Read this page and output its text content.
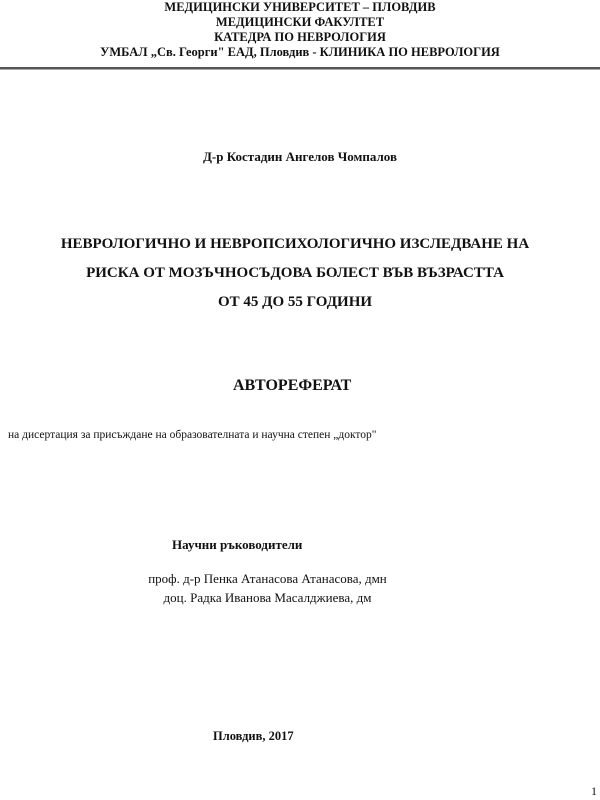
МЕДИЦИНСКИ УНИВЕРСИТЕТ – ПЛОВДИВ
МЕДИЦИНСКИ ФАКУЛТЕТ
КАТЕДРА ПО НЕВРОЛОГИЯ
УМБАЛ „Св. Георги" ЕАД, Пловдив - КЛИНИКА ПО НЕВРОЛОГИЯ
Д-р Костадин Ангелов Чомпалов
НЕВРОЛОГИЧНО И НЕВРОПСИХОЛОГИЧНО ИЗСЛЕДВАНЕ НА
РИСКА ОТ МОЗЪЧНОСЪДОВА БОЛЕСТ ВЪВ ВЪЗРАСТТА
ОТ 45 ДО 55 ГОДИНИ
АВТОРЕФЕРАТ
на дисертация за присъждане на образователната и научна степен „доктор"
Научни ръководители
проф. д-р Пенка Атанасова Атанасова, дмн
доц. Радка Иванова Масалджиева, дм
Пловдив, 2017
1
